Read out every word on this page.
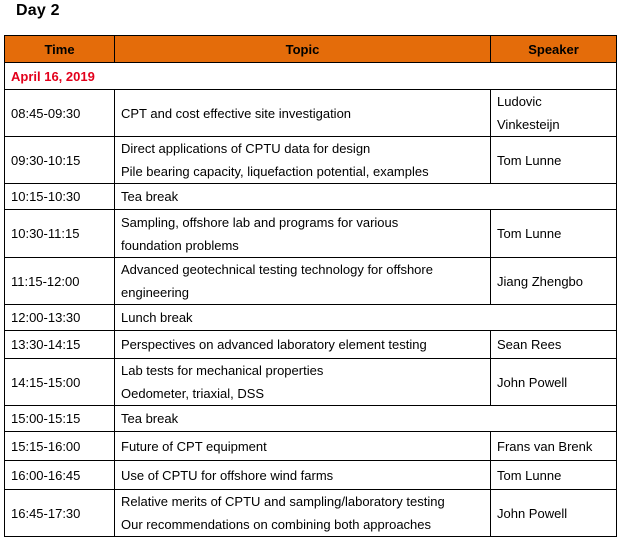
Day 2
Time	Topic	Speaker
April 16, 2019		
08:45-09:30	CPT and cost effective site investigation	Ludovic
Vinkesteijn

09:30-10:15	Direct applications of CPTU data for design
Pile bearing capacity, liquefaction potential, examples	Tom Lunne

10:15-10:30	Tea break	

10:30-11:15	Sampling, offshore lab and programs for various
foundation problems	Tom Lunne

11:15-12:00	Advanced geotechnical testing technology for offshore
engineering	Jiang Zhengbo

12:00-13:30	Lunch break	

13:30-14:15	Perspectives on advanced laboratory element testing	Sean Rees

14:15-15:00	Lab tests for mechanical properties
Oedometer, triaxial, DSS	John Powell

15:00-15:15	Tea break	

15:15-16:00	Future of CPT equipment	Frans van Brenk

16:00-16:45	Use of CPTU for offshore wind farms	Tom Lunne

16:45-17:30	Relative merits of CPTU and sampling/laboratory testing
Our recommendations on combining both approaches	John Powell
